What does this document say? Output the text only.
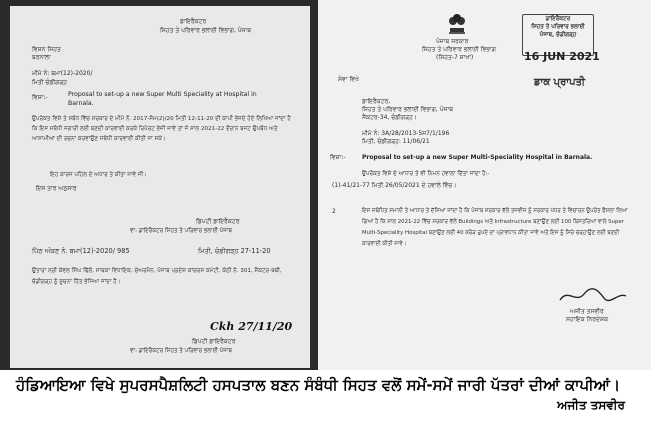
ਡਾਇਰੈਕਟਰ
ਸਿਹਤ ਤੇ ਪਰਿਵਾਰ ਭਲਾਈ ਵਿਭਾਗ, ਪੰਜਾਬ
ਵਿਸ਼ਨ ਸਿਹਤ
ਬਰਨਾਲਾ
ਮੀਮੋ ਨੰ: ਬਮਾ(12)-2020/
ਮਿਤੀ ਚੰਡੀਗੜ੍ਹ
ਵਿਸ਼ਾ:-	Proposal to set-up a new Super Multi Speciality at Hospital in Barnala.
ਉਪਰੋਕਤ ਵਿਸ਼ੇ ਤੇ ਸਬੰਧ ਵਿੱਚ ਸਰਕਾਰ ਦੇ ਮੀਮੋ ਨੰ. 2017-ਸੰਮ(2)/20 ਮਿਤੀ 12-11-20 ਦੀ ਕਾਪੀ ਭੇਜਦੇ ਹੋਏ ਲਿਖਿਆ ਜਾਂਦਾ ਹੈ ਕਿ ਇਸ ਸਬੰਧੀ ਜਗਾਰੀ ਲਈ ਬਣਦੀ ਕਾਰਵਾਈ ਕਰਕੇ ਰਿਪੋਰਟ ਭੇਜੀ ਜਾਵੇ ਤਾਂ ਜੋ ਸਾਲ 2021-22 ਦੌਰਾਨ ਬਜਟ ਉਪਬੰਧ ਅਤੇ ਆਸਾਮੀਆਂ ਦੀ ਰਚਨਾ ਕਰਵਾਉਣ ਸਬੰਧੀ ਕਾਰਵਾਈ ਕੀਤੀ ਜਾ ਸਕੇ।
ਇਹ ਕਾਰਜ ਪਹਿਲ ਦੇ ਅਧਾਰ ਤੇ ਕੀਤਾ ਜਾਵੇ ਜੀ।
ਇਸ ਤਾਰ ਅਨੁਸਾਰ
ਡਿਪਟੀ ਡਾਇਰੈਕਟਰ
ਵਾ: ਡਾਇਰੈਕਟਰ ਸਿਹਤ ਤੇ ਪਰਿਵਾਰ ਭਲਾਈ ਪੰਜਾਬ
ਪਿੱਠ ਅੰਕਣ ਨੰ. ਬਮਾ(12)-2020/ 985	ਮਿਤੀ, ਚੰਡੀਗੜ੍ਹ 27-11-20
ਉਤਾਰਾ ਸ੍ਰੀ ਕੇਵਲ ਸਿੰਘ ਢਿੱਲੋਂ, ਸਾਬਕਾ ਵਿਧਾਇਕ, ਚੇਅਰਮੈਨ, ਪੰਜਾਬ ਪ੍ਰਦੇਸ਼ ਕਾਂਗਰਸ ਕਮੇਟੀ, ਕੋਠੀ ਨੰ. 301, ਸੈਕਟਰ-9ਬੀ, ਚੰਡੀਗੜ੍ਹ ਨੂੰ ਸੂਚਨਾ ਹਿੱਤ ਭੇਜਿਆ ਜਾਂਦਾ ਹੈ।
Ckh 27/11/20
ਡਿਪਟੀ ਡਾਇਰੈਕਟਰ
ਵਾ: ਡਾਇਰੈਕਟਰ ਸਿਹਤ ਤੇ ਪਰਿਵਾਰ ਭਲਾਈ ਪੰਜਾਬ
ਪੰਜਾਬ ਸਰਕਾਰ
ਸਿਹਤ ਤੇ ਪਰਿਵਾਰ ਭਲਾਈ ਵਿਭਾਗ
(ਸਿਹਤ-7 ਸ਼ਾਖਾ)
ਡਾਇਰੈਕਟਰ
ਸਿਹਤ ਤੇ ਪਰਿਵਾਰ ਭਲਾਈ
ਪੰਜਾਬ, ਚੰਡੀਗੜ੍ਹ
16 JUN 2021
ਡਾਕ ਪ੍ਰਾਪਤੀ
ਸੇਵਾ ਵਿਖੇ
ਡਾਇਰੈਕਟਰ,
ਸਿਹਤ ਤੇ ਪਰਿਵਾਰ ਭਲਾਈ ਵਿਭਾਗ, ਪੰਜਾਬ
ਸੈਕਟਰ-34, ਚੰਡੀਗੜ੍ਹ।
ਮੀਮੋ ਨੰ: 3A/28/2013-5ਸ7/1/196
ਮਿਤੀ, ਚੰਡੀਗੜ੍ਹ: 11/06/21
ਵਿਸ਼ਾ:-	Proposal to set-up a new Super Multi-Speciality Hospital in Barnala.
ਉਪਰੋਕਤ ਵਿਸ਼ੇ ਦੇ ਆਧਾਰ ਤੇ ਵੀ ਨਿਮਨ ਹਵਾਲਾ ਦਿੱਤਾ ਜਾਂਦਾ ਹੈ:-
(1)-41/21-77 ਮਿਤੀ 26/05/2021 ਦੇ ਹਵਾਲੇ ਵਿੱਚ।
2	ਇਸ ਸਬੰਧਿਤ ਸਮਾਨੀ ਤੇ ਆਧਾਰ ਤੇ ਦੱਸਿਆ ਜਾਂਦਾ ਹੈ ਕਿ ਪੰਜਾਬ ਸਰਕਾਰ ਵੱਲੋਂ ਤਜਵੀਜ਼ ਨੂੰ ਸਰਕਾਰ ਪੱਧਰ ਤੇ ਵਿਚਾਰਨ ਉਪਰੰਤ ਫੈਸਲਾ ਲਿਆ ਗਿਆ ਹੈ ਕਿ ਸਾਲ 2021-22 ਵਿੱਚ ਸਰਕਾਰ ਵੱਲੋਂ Buildings ਅਤੇ Infrastructure ਬਣਾਉਣ ਲਈ 100 ਬਿਸਤਰਿਆਂ ਵਾਲੇ Super Multi-Speciality Hospital ਬਣਾਉਣ ਲਈ 40 ਕਰੋੜ ਰੁਪਏ ਦਾ ਪ੍ਰਾਵਧਾਨ ਕੀਤਾ ਜਾਵੇ ਅਤੇ ਇਸ ਨੂੰ ਸਿਰੇ ਚੜ੍ਹਾਉਣ ਲਈ ਬਣਦੀ ਕਾਰਵਾਈ ਕੀਤੀ ਜਾਵੇ।
ਅਜੀਤ ਤਸਵੀਰ
ਸਹਾਇਕ ਨਿਰਦੇਸ਼ਕ
ਹੰਡਿਆਇਆ ਵਿਖੇ ਸੁਪਰਸਪੈਸ਼ਲਿਟੀ ਹਸਪਤਾਲ ਬਣਨ ਸੰਬੰਧੀ ਸਿਹਤ ਵਲੋਂ ਸਮੇਂ-ਸਮੇਂ ਜਾਰੀ ਪੱਤਰਾਂ ਦੀਆਂ ਕਾਪੀਆਂ।
ਅਜੀਤ ਤਸਵੀਰ
